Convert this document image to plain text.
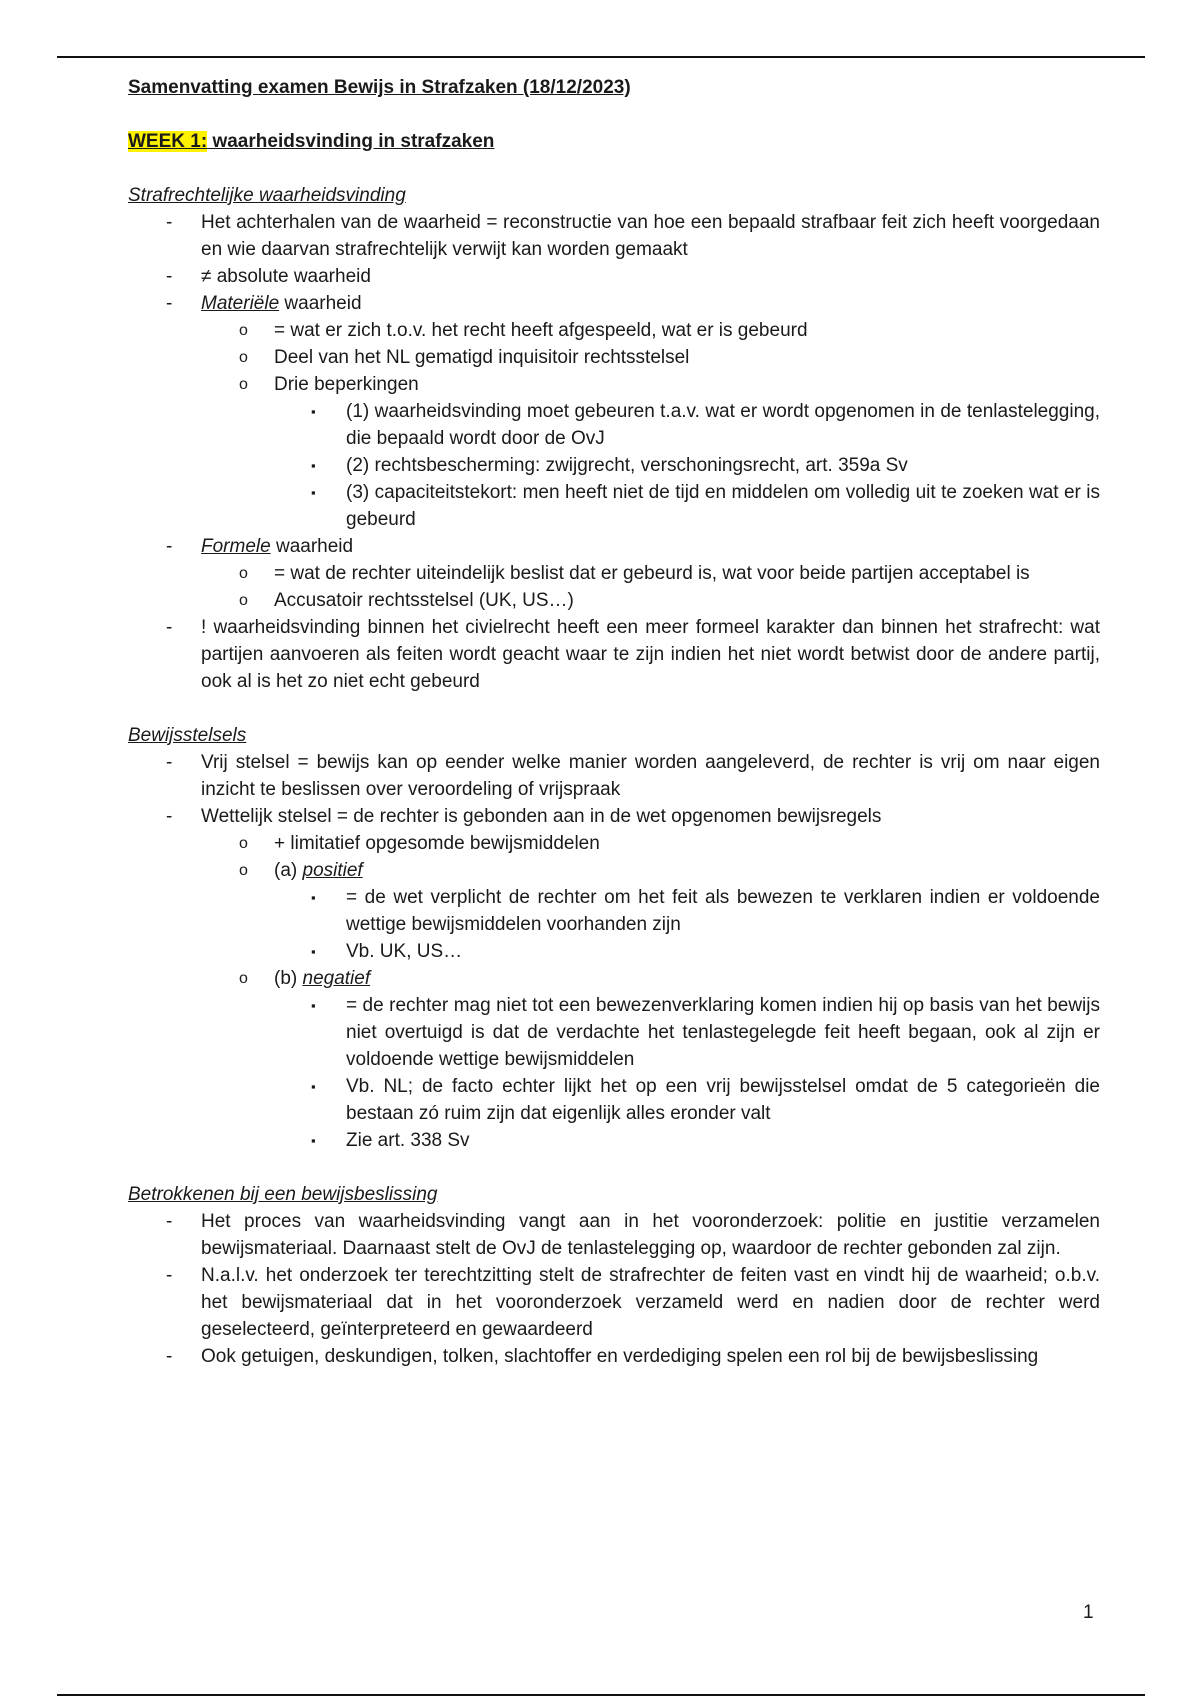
Samenvatting examen Bewijs in Strafzaken (18/12/2023)
WEEK 1: waarheidsvinding in strafzaken
Strafrechtelijke waarheidsvinding
- Het achterhalen van de waarheid = reconstructie van hoe een bepaald strafbaar feit zich heeft voorgedaan en wie daarvan strafrechtelijk verwijt kan worden gemaakt
- ≠ absolute waarheid
- Materiële waarheid
o = wat er zich t.o.v. het recht heeft afgespeeld, wat er is gebeurd
o Deel van het NL gematigd inquisitoir rechtsstelsel
o Drie beperkingen
▪ (1) waarheidsvinding moet gebeuren t.a.v. wat er wordt opgenomen in de tenlastelegging, die bepaald wordt door de OvJ
▪ (2) rechtsbescherming: zwijgrecht, verschoningsrecht, art. 359a Sv
▪ (3) capaciteitstekort: men heeft niet de tijd en middelen om volledig uit te zoeken wat er is gebeurd
- Formele waarheid
o = wat de rechter uiteindelijk beslist dat er gebeurd is, wat voor beide partijen acceptabel is
o Accusatoir rechtsstelsel (UK, US…)
- ! waarheidsvinding binnen het civielrecht heeft een meer formeel karakter dan binnen het strafrecht: wat partijen aanvoeren als feiten wordt geacht waar te zijn indien het niet wordt betwist door de andere partij, ook al is het zo niet echt gebeurd
Bewijsstelsels
- Vrij stelsel = bewijs kan op eender welke manier worden aangeleverd, de rechter is vrij om naar eigen inzicht te beslissen over veroordeling of vrijspraak
- Wettelijk stelsel = de rechter is gebonden aan in de wet opgenomen bewijsregels
o + limitatief opgesomde bewijsmiddelen
o (a) positief
▪ = de wet verplicht de rechter om het feit als bewezen te verklaren indien er voldoende wettige bewijsmiddelen voorhanden zijn
▪ Vb. UK, US…
o (b) negatief
▪ = de rechter mag niet tot een bewezenverklaring komen indien hij op basis van het bewijs niet overtuigd is dat de verdachte het tenlastegelegde feit heeft begaan, ook al zijn er voldoende wettige bewijsmiddelen
▪ Vb. NL; de facto echter lijkt het op een vrij bewijsstelsel omdat de 5 categorieën die bestaan zó ruim zijn dat eigenlijk alles eronder valt
▪ Zie art. 338 Sv
Betrokkenen bij een bewijsbeslissing
- Het proces van waarheidsvinding vangt aan in het vooronderzoek: politie en justitie verzamelen bewijsmateriaal. Daarnaast stelt de OvJ de tenlastelegging op, waardoor de rechter gebonden zal zijn.
- N.a.l.v. het onderzoek ter terechtzitting stelt de strafrechter de feiten vast en vindt hij de waarheid; o.b.v. het bewijsmateriaal dat in het vooronderzoek verzameld werd en nadien door de rechter werd geselecteerd, geïnterpreteerd en gewaardeerd
- Ook getuigen, deskundigen, tolken, slachtoffer en verdediging spelen een rol bij de bewijsbeslissing
1
